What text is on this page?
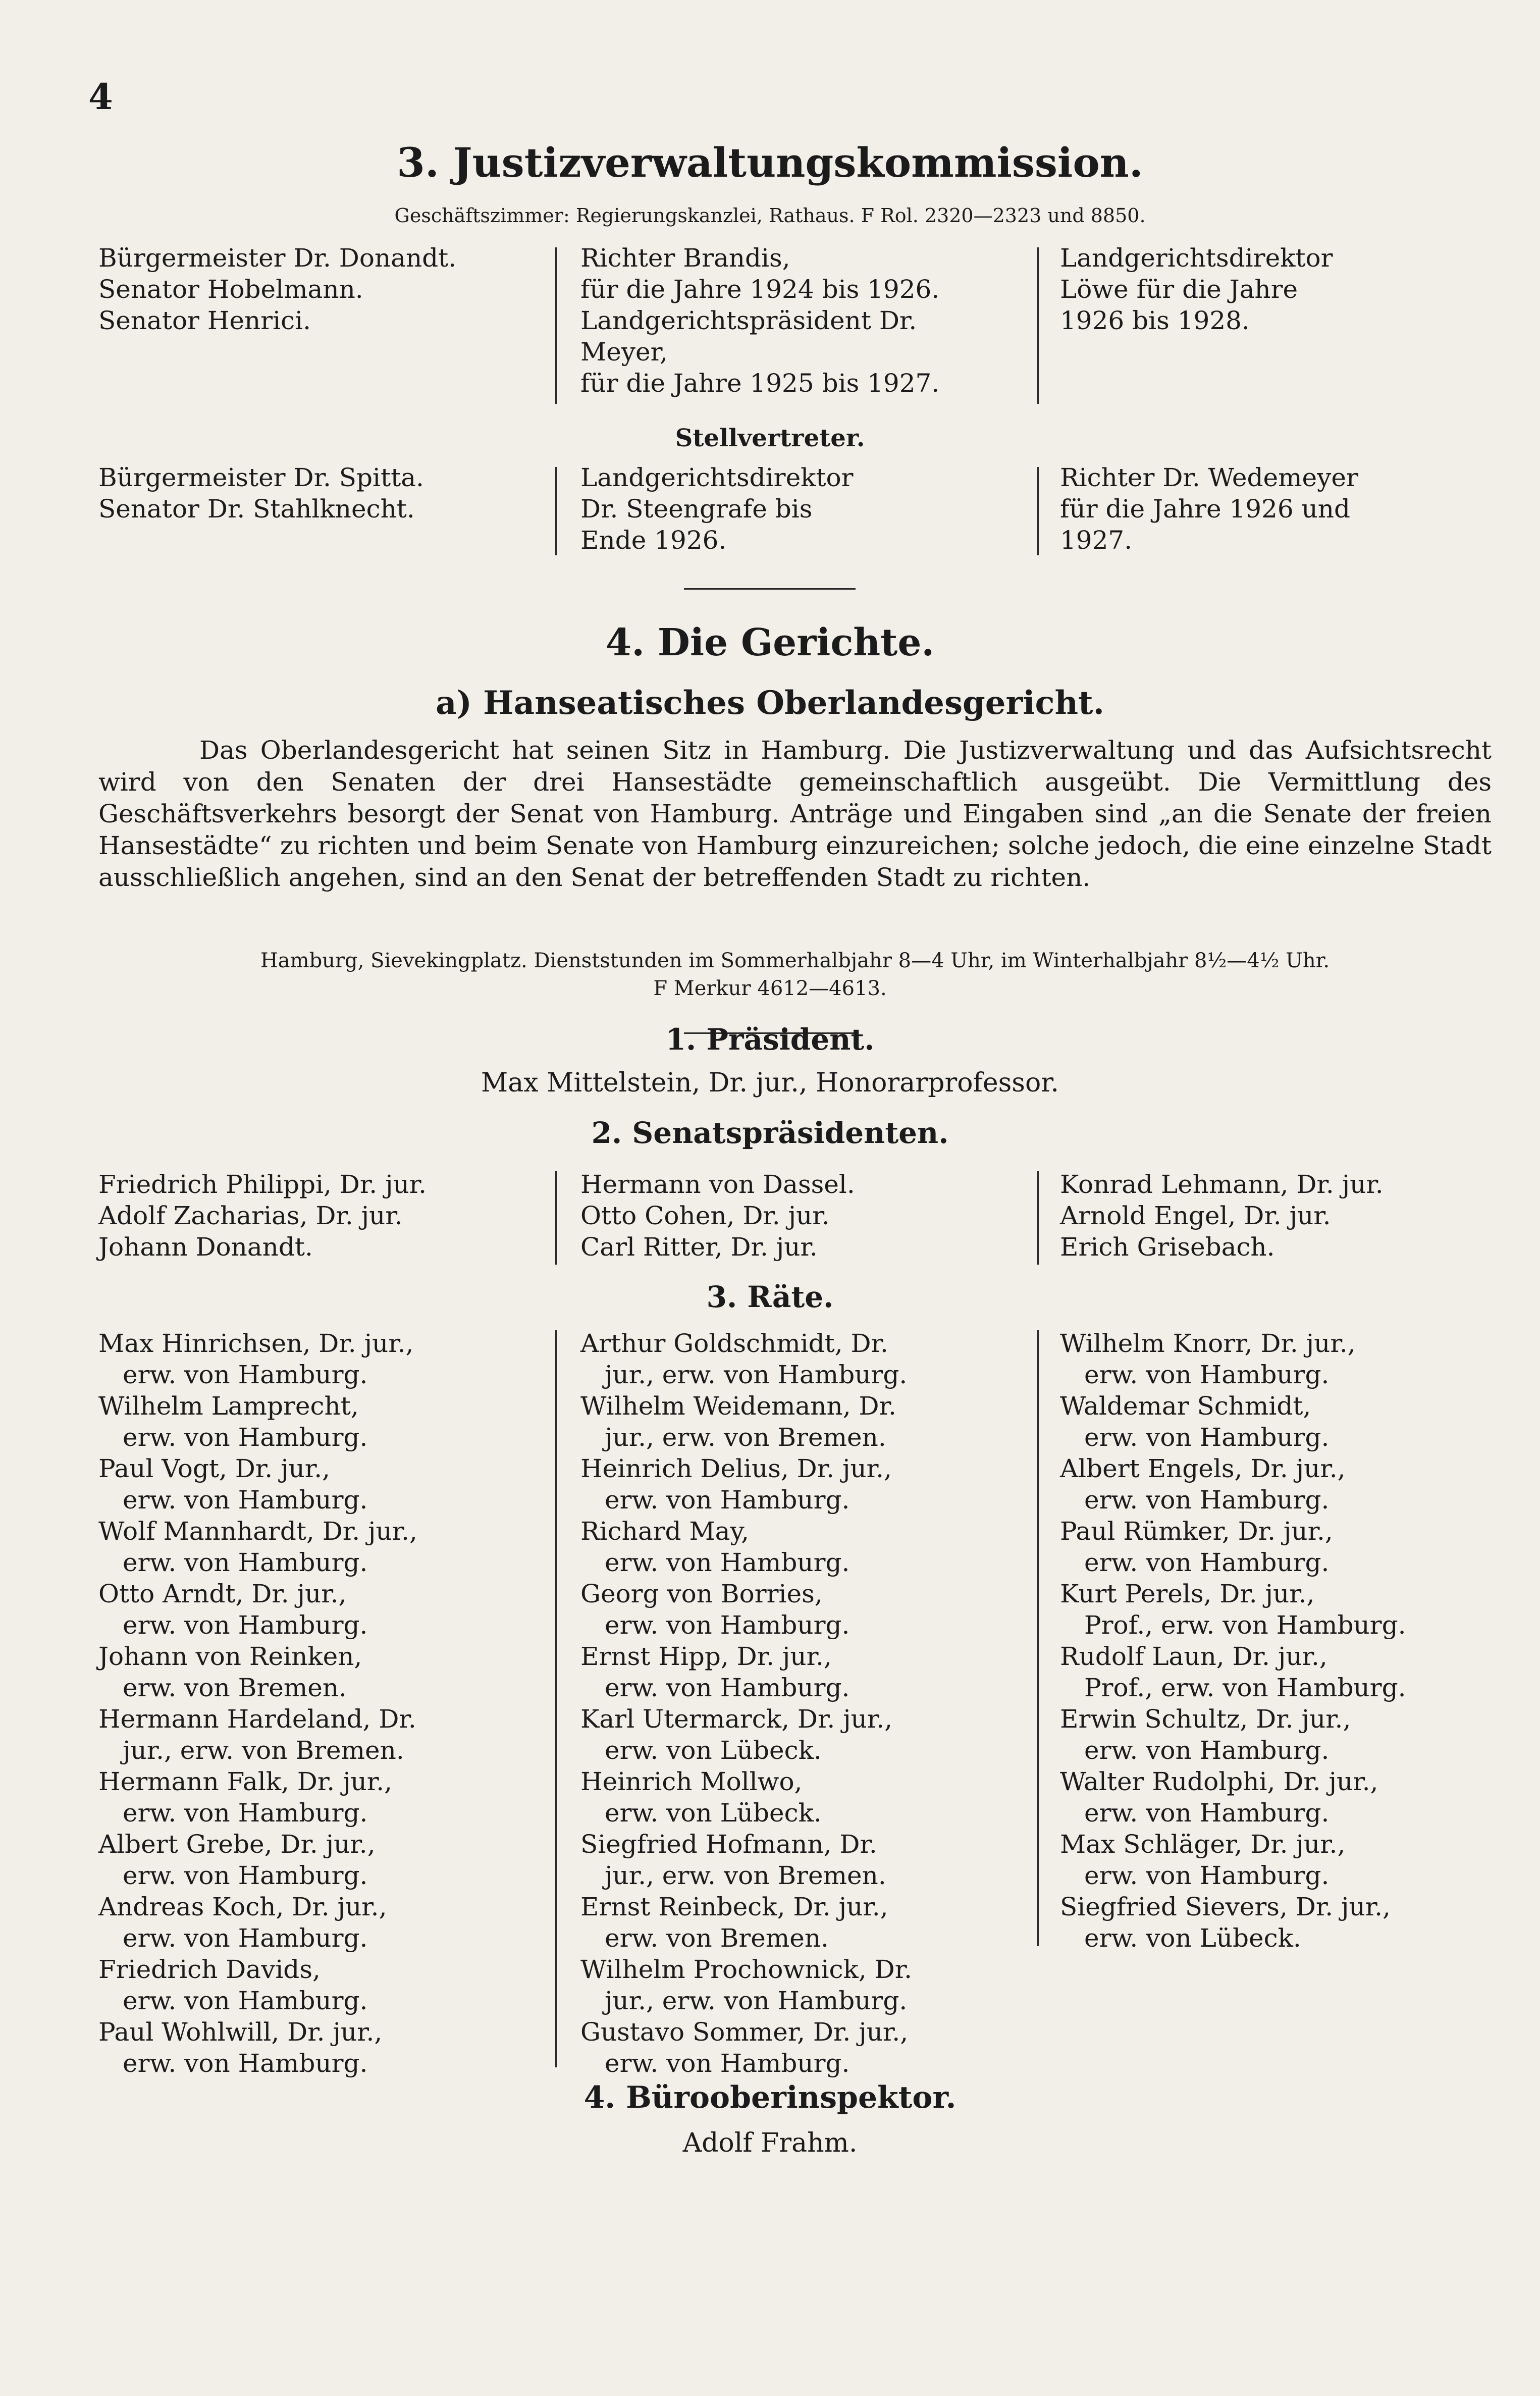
4
3. Justizverwaltungskommission.
Geschäftszimmer: Regierungskanzlei, Rathaus. F Rol. 2320—2323 und 8850.
Bürgermeister Dr. Donandt.
Senator Hobelmann.
Senator Henrici.
Richter Brandis,
für die Jahre 1924 bis 1926.
Landgerichtspräsident Dr.
Meyer,
für die Jahre 1925 bis 1927.
Landgerichtsdirektor
Löwe für die Jahre
1926 bis 1928.
Stellvertreter.
Bürgermeister Dr. Spitta.
Senator Dr. Stahlknecht.
Landgerichtsdirektor
Dr. Steengrafe bis
Ende 1926.
Richter Dr. Wedemeyer
für die Jahre 1926 und
1927.
4. Die Gerichte.
a) Hanseatisches Oberlandesgericht.
Das Oberlandesgericht hat seinen Sitz in Hamburg. Die Justizverwaltung und das Aufsichtsrecht wird von den Senaten der drei Hansestädte gemeinschaftlich ausgeübt. Die Vermittlung des Geschäftsverkehrs besorgt der Senat von Hamburg. Anträge und Eingaben sind „an die Senate der freien Hansestädte“ zu richten und beim Senate von Hamburg einzureichen; solche jedoch, die eine einzelne Stadt ausschließlich angehen, sind an den Senat der betreffenden Stadt zu richten.
Hamburg, Sievekingplatz. Dienststunden im Sommerhalbjahr 8—4 Uhr, im Winterhalbjahr 8½—4½ Uhr.
F Merkur 4612—4613.
1. Präsident.
Max Mittelstein, Dr. jur., Honorarprofessor.
2. Senatspräsidenten.
Friedrich Philippi, Dr. jur.
Adolf Zacharias, Dr. jur.
Johann Donandt.
Hermann von Dassel.
Otto Cohen, Dr. jur.
Carl Ritter, Dr. jur.
Konrad Lehmann, Dr. jur.
Arnold Engel, Dr. jur.
Erich Grisebach.
3. Räte.
Max Hinrichsen, Dr. jur.,
erw. von Hamburg.
Wilhelm Lamprecht,
erw. von Hamburg.
Paul Vogt, Dr. jur.,
erw. von Hamburg.
Wolf Mannhardt, Dr. jur.,
erw. von Hamburg.
Otto Arndt, Dr. jur.,
erw. von Hamburg.
Johann von Reinken,
erw. von Bremen.
Hermann Hardeland, Dr.
jur., erw. von Bremen.
Hermann Falk, Dr. jur.,
erw. von Hamburg.
Albert Grebe, Dr. jur.,
erw. von Hamburg.
Andreas Koch, Dr. jur.,
erw. von Hamburg.
Friedrich Davids,
erw. von Hamburg.
Paul Wohlwill, Dr. jur.,
erw. von Hamburg.
Arthur Goldschmidt, Dr.
jur., erw. von Hamburg.
Wilhelm Weidemann, Dr.
jur., erw. von Bremen.
Heinrich Delius, Dr. jur.,
erw. von Hamburg.
Richard May,
erw. von Hamburg.
Georg von Borries,
erw. von Hamburg.
Ernst Hipp, Dr. jur.,
erw. von Hamburg.
Karl Utermarck, Dr. jur.,
erw. von Lübeck.
Heinrich Mollwo,
erw. von Lübeck.
Siegfried Hofmann, Dr.
jur., erw. von Bremen.
Ernst Reinbeck, Dr. jur.,
erw. von Bremen.
Wilhelm Prochownick, Dr.
jur., erw. von Hamburg.
Gustavo Sommer, Dr. jur.,
erw. von Hamburg.
Wilhelm Knorr, Dr. jur.,
erw. von Hamburg.
Waldemar Schmidt,
erw. von Hamburg.
Albert Engels, Dr. jur.,
erw. von Hamburg.
Paul Rümker, Dr. jur.,
erw. von Hamburg.
Kurt Perels, Dr. jur.,
Prof., erw. von Hamburg.
Rudolf Laun, Dr. jur.,
Prof., erw. von Hamburg.
Erwin Schultz, Dr. jur.,
erw. von Hamburg.
Walter Rudolphi, Dr. jur.,
erw. von Hamburg.
Max Schläger, Dr. jur.,
erw. von Hamburg.
Siegfried Sievers, Dr. jur.,
erw. von Lübeck.
4. Bürooberinspektor.
Adolf Frahm.
